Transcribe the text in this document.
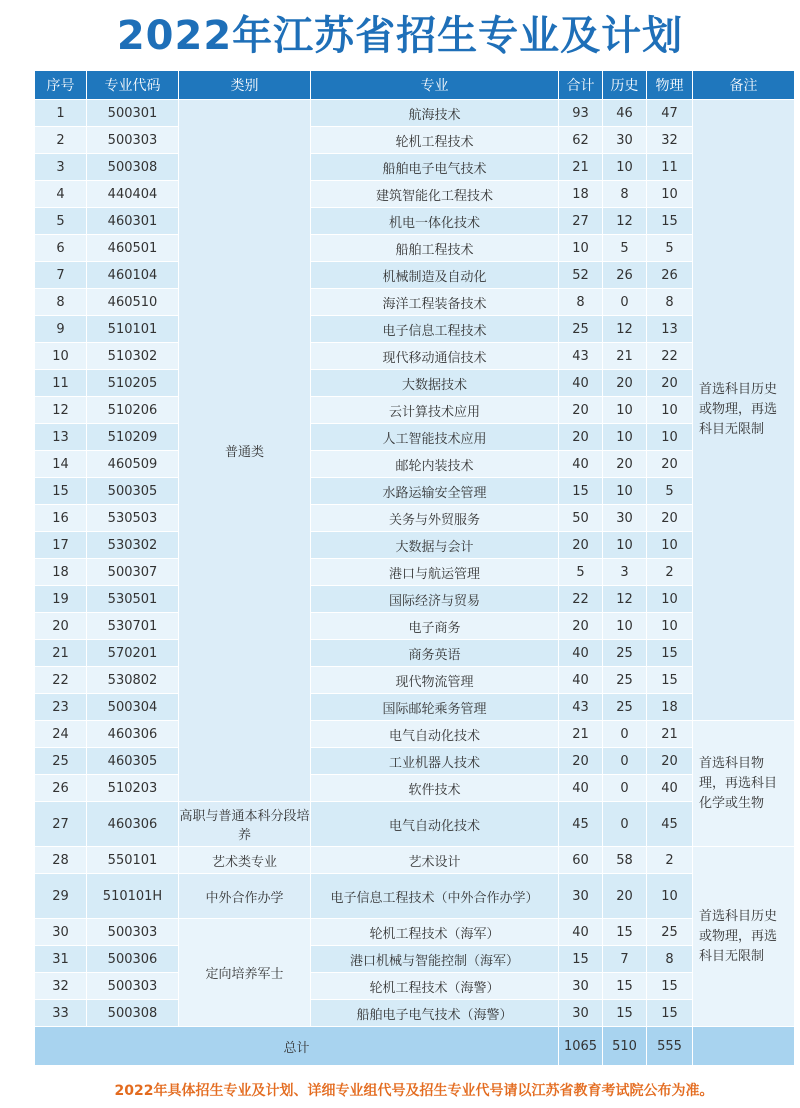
2022年江苏省招生专业及计划
序号	专业代码	类别	专业	合计	历史	物理	备注
1	500301	普通类	航海技术	93	46	47	首选科目历史或物理，再选科目无限制
2	500303		轮机工程技术	62	30	32	
3	500308		船舶电子电气技术	21	10	11	
4	440404		建筑智能化工程技术	18	8	10	
5	460301		机电一体化技术	27	12	15	
6	460501		船舶工程技术	10	5	5	
7	460104		机械制造及自动化	52	26	26	
8	460510		海洋工程装备技术	8	0	8	
9	510101		电子信息工程技术	25	12	13	
10	510302		现代移动通信技术	43	21	22	
11	510205		大数据技术	40	20	20	
12	510206		云计算技术应用	20	10	10	
13	510209		人工智能技术应用	20	10	10	
14	460509		邮轮内装技术	40	20	20	
15	500305		水路运输安全管理	15	10	5	
16	530503		关务与外贸服务	50	30	20	
17	530302		大数据与会计	20	10	10	
18	500307		港口与航运管理	5	3	2	
19	530501		国际经济与贸易	22	12	10	
20	530701		电子商务	20	10	10	
21	570201		商务英语	40	25	15	
22	530802		现代物流管理	40	25	15	
23	500304		国际邮轮乘务管理	43	25	18	
24	460306		电气自动化技术	21	0	21	首选科目物理，再选科目化学或生物
25	460305		工业机器人技术	20	0	20	
26	510203		软件技术	40	0	40	
27	460306	高职与普通本科分段培养	电气自动化技术	45	0	45	
28	550101	艺术类专业	艺术设计	60	58	2	首选科目历史或物理，再选科目无限制
29	510101H	中外合作办学	电子信息工程技术（中外合作办学）	30	20	10	
30	500303	定向培养军士	轮机工程技术（海军）	40	15	25	
31	500306		港口机械与智能控制（海军）	15	7	8	
32	500303		轮机工程技术（海警）	30	15	15	
33	500308		船舶电子电气技术（海警）	30	15	15	
总计				1065	510	555	
2022年具体招生专业及计划、详细专业组代号及招生专业代号请以江苏省教育考试院公布为准。
